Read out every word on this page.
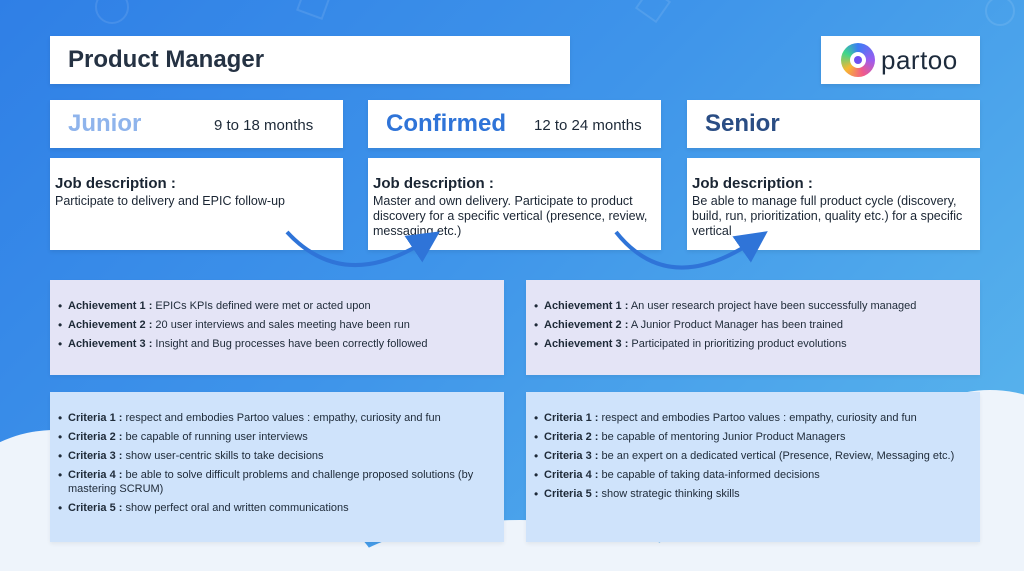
Product Manager	partoo
Junior	9 to 18 months	Confirmed 12 to 24 months	Senior
Job description :
Participate to delivery and EPIC follow-up
Job description :
Master and own delivery. Participate to product discovery for a specific vertical (presence, review, messaging etc.)
Job description :
Be able to manage full product cycle (discovery, build, run, prioritization, quality etc.) for a specific vertical
• Achievement 1 : EPICs KPIs defined were met or acted upon
• Achievement 2 : 20 user interviews and sales meeting have been run
• Achievement 3 : Insight and Bug processes have been correctly followed
• Achievement 1 : An user research project have been successfully managed
• Achievement 2 : A Junior Product Manager has been trained
• Achievement 3 : Participated in prioritizing product evolutions
• Criteria 1 : respect and embodies Partoo values : empathy, curiosity and fun
• Criteria 2 : be capable of running user interviews
• Criteria 3 : show user-centric skills to take decisions
• Criteria 4 : be able to solve difficult problems and challenge proposed solutions (by mastering SCRUM)
• Criteria 5 : show perfect oral and written communications
• Criteria 1 : respect and embodies Partoo values : empathy, curiosity and fun
• Criteria 2 : be capable of mentoring Junior Product Managers
• Criteria 3 : be an expert on a dedicated vertical (Presence, Review, Messaging etc.)
• Criteria 4 : be capable of taking data-informed decisions
• Criteria 5 : show strategic thinking skills
